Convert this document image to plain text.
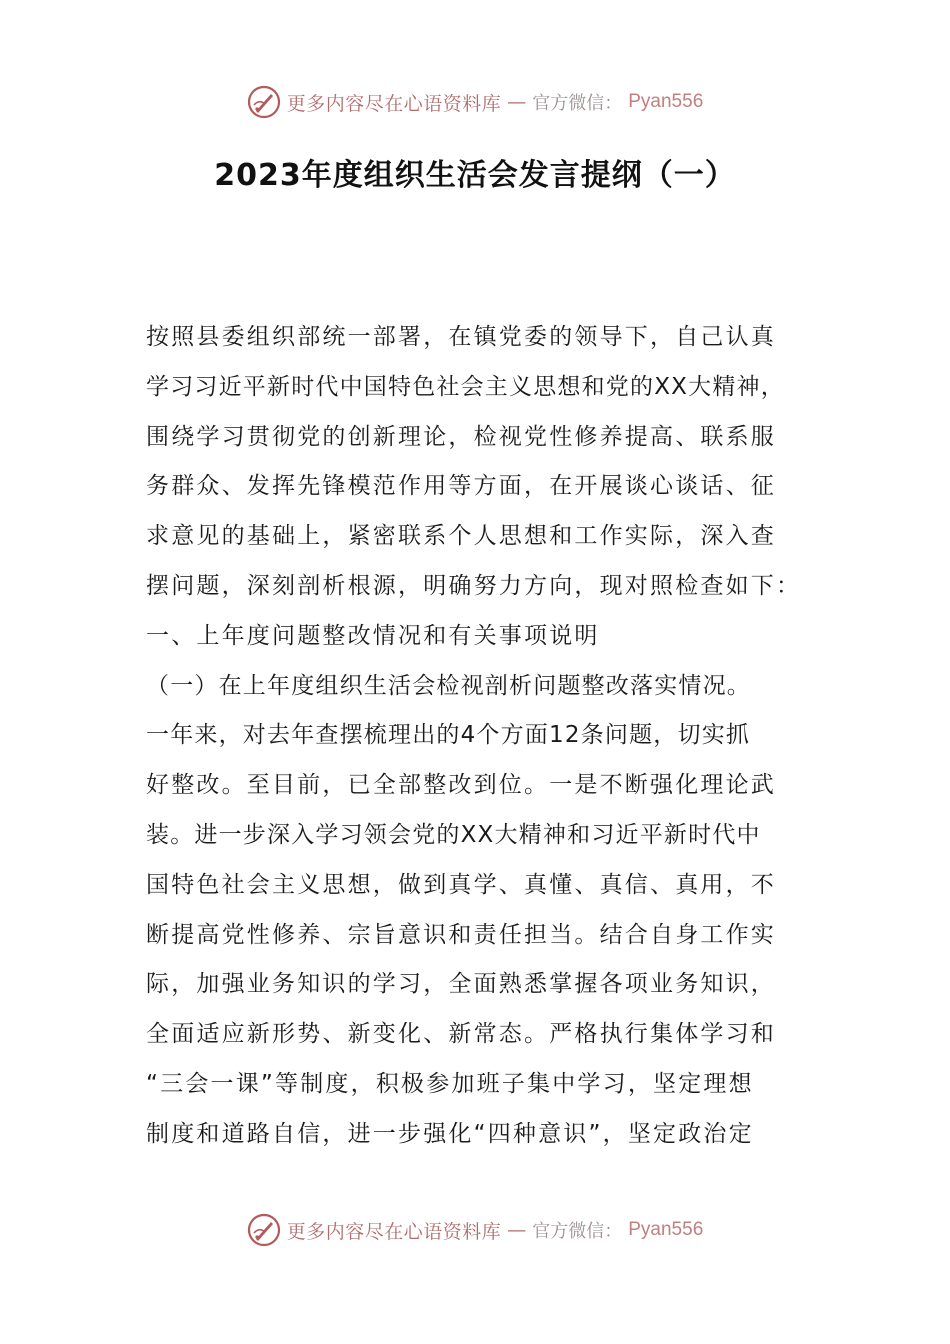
更多内容尽在心语资料库 — 官方微信： Pyan556
2023年度组织生活会发言提纲（一）
按照县委组织部统一部署，在镇党委的领导下，自己认真
学习习近平新时代中国特色社会主义思想和党的XX大精神，
围绕学习贯彻党的创新理论，检视党性修养提高、联系服
务群众、发挥先锋模范作用等方面，在开展谈心谈话、征
求意见的基础上，紧密联系个人思想和工作实际，深入查
摆问题，深刻剖析根源，明确努力方向，现对照检查如下：
一、上年度问题整改情况和有关事项说明
（一）在上年度组织生活会检视剖析问题整改落实情况。
一年来，对去年查摆梳理出的4个方面12条问题，切实抓
好整改。至目前，已全部整改到位。一是不断强化理论武
装。进一步深入学习领会党的XX大精神和习近平新时代中
国特色社会主义思想，做到真学、真懂、真信、真用，不
断提高党性修养、宗旨意识和责任担当。结合自身工作实
际，加强业务知识的学习，全面熟悉掌握各项业务知识，
全面适应新形势、新变化、新常态。严格执行集体学习和
“三会一课”等制度，积极参加班子集中学习，坚定理想
制度和道路自信，进一步强化“四种意识”，坚定政治定
更多内容尽在心语资料库 — 官方微信： Pyan556
